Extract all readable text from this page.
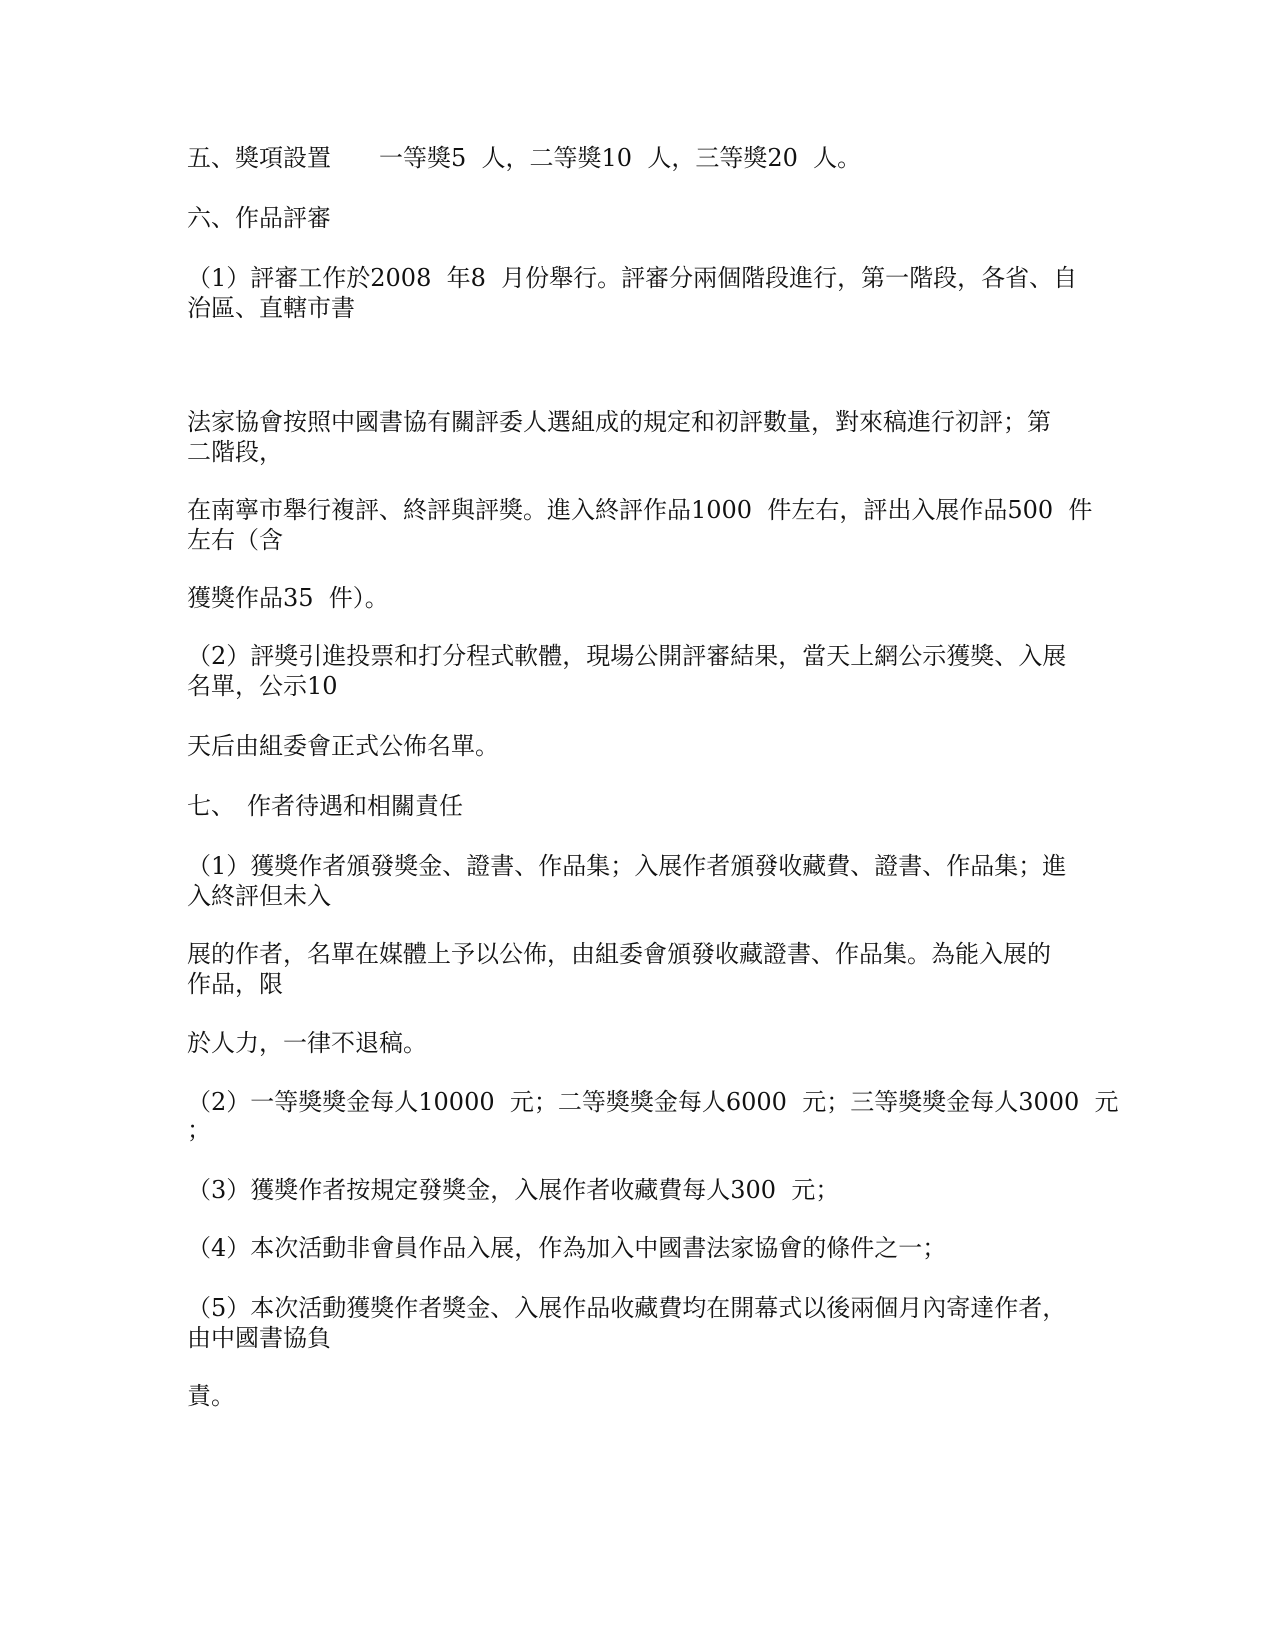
五、獎項設置　　一等獎5  人，二等獎10  人，三等獎20  人。
六、作品評審
（1）評審工作於2008  年8  月份舉行。評審分兩個階段進行，第一階段，各省、自
治區、直轄市書
法家協會按照中國書協有關評委人選組成的規定和初評數量，對來稿進行初評；第
二階段，
在南寧市舉行複評、終評與評獎。進入終評作品1000  件左右，評出入展作品500  件
左右（含
獲獎作品35  件）。
（2）評獎引進投票和打分程式軟體，現場公開評審結果，當天上網公示獲獎、入展
名單，公示10
天后由組委會正式公佈名單。
七、　作者待遇和相關責任
（1）獲獎作者頒發獎金、證書、作品集；入展作者頒發收藏費、證書、作品集；進
入終評但未入
展的作者，名單在媒體上予以公佈，由組委會頒發收藏證書、作品集。為能入展的
作品，限
於人力，一律不退稿。
（2）一等獎獎金每人10000  元；二等獎獎金每人6000  元；三等獎獎金每人3000  元
；
（3）獲獎作者按規定發獎金，入展作者收藏費每人300  元；
（4）本次活動非會員作品入展，作為加入中國書法家協會的條件之一；
（5）本次活動獲獎作者獎金、入展作品收藏費均在開幕式以後兩個月內寄達作者，
由中國書協負
責。
